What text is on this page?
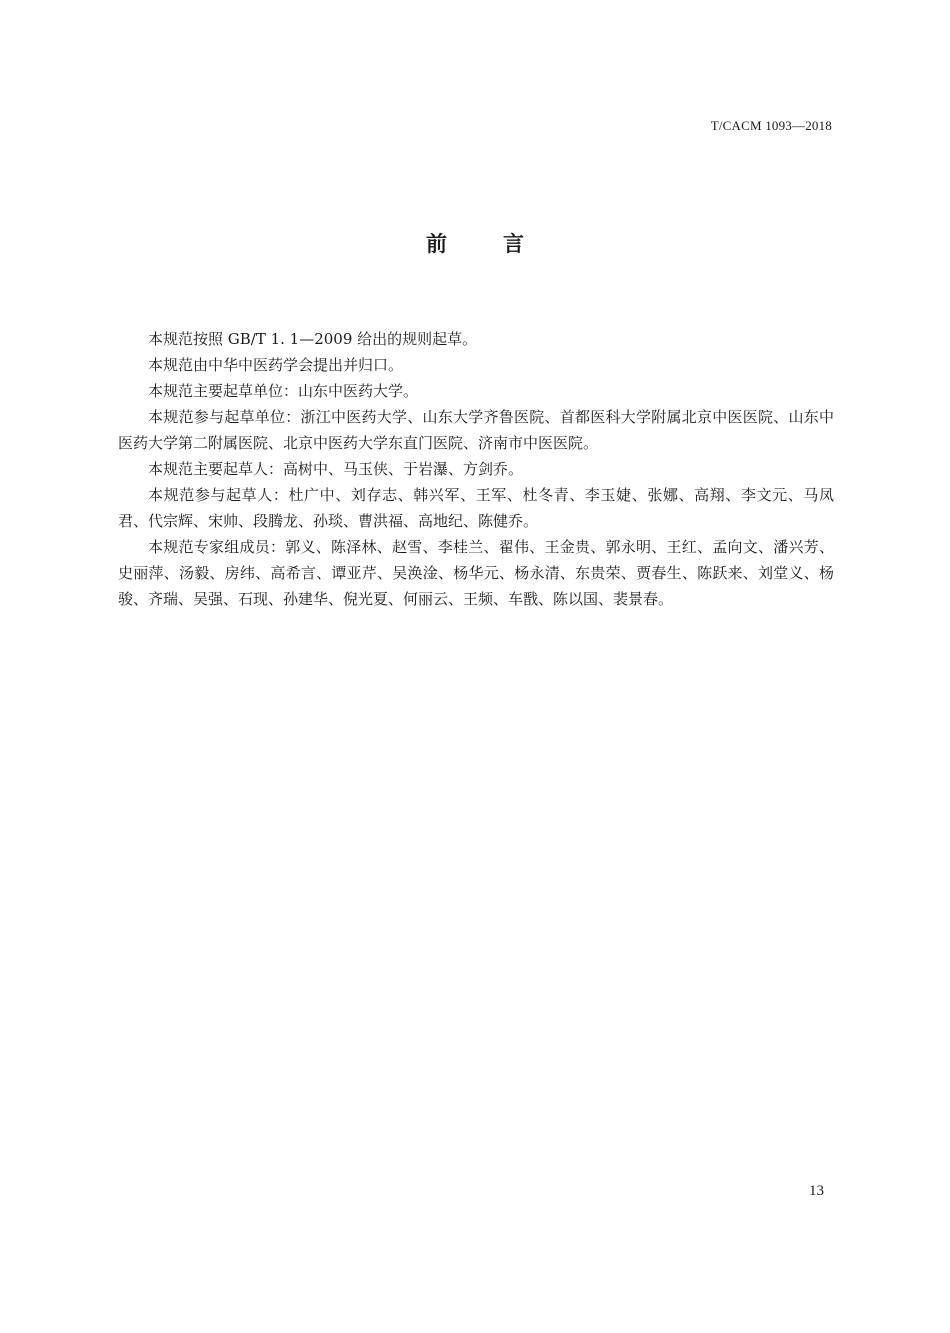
T/CACM 1093—2018
前	言

本规范按照 GB/T 1. 1—2009 给出的规则起草。

本规范由中华中医药学会提出并归口。

本规范主要起草单位：山东中医药大学。

本规范参与起草单位：浙江中医药大学、山东大学齐鲁医院、首都医科大学附属北京中医医院、山东中医药大学第二附属医院、北京中医药大学东直门医院、济南市中医医院。

本规范主要起草人：高树中、马玉侠、于岩瀑、方剑乔。

本规范参与起草人：杜广中、刘存志、韩兴军、王军、杜冬青、李玉婕、张娜、高翔、李文元、马凤君、代宗辉、宋帅、段腾龙、孙琰、曹洪福、高地纪、陈健乔。

本规范专家组成员：郭义、陈泽林、赵雪、李桂兰、翟伟、王金贵、郭永明、王红、孟向文、潘兴芳、史丽萍、汤毅、房纬、高希言、谭亚芹、吴涣淦、杨华元、杨永清、东贵荣、贾春生、陈跃来、刘堂义、杨骏、齐瑞、吴强、石现、孙建华、倪光夏、何丽云、王频、车戬、陈以国、裴景春。

13
